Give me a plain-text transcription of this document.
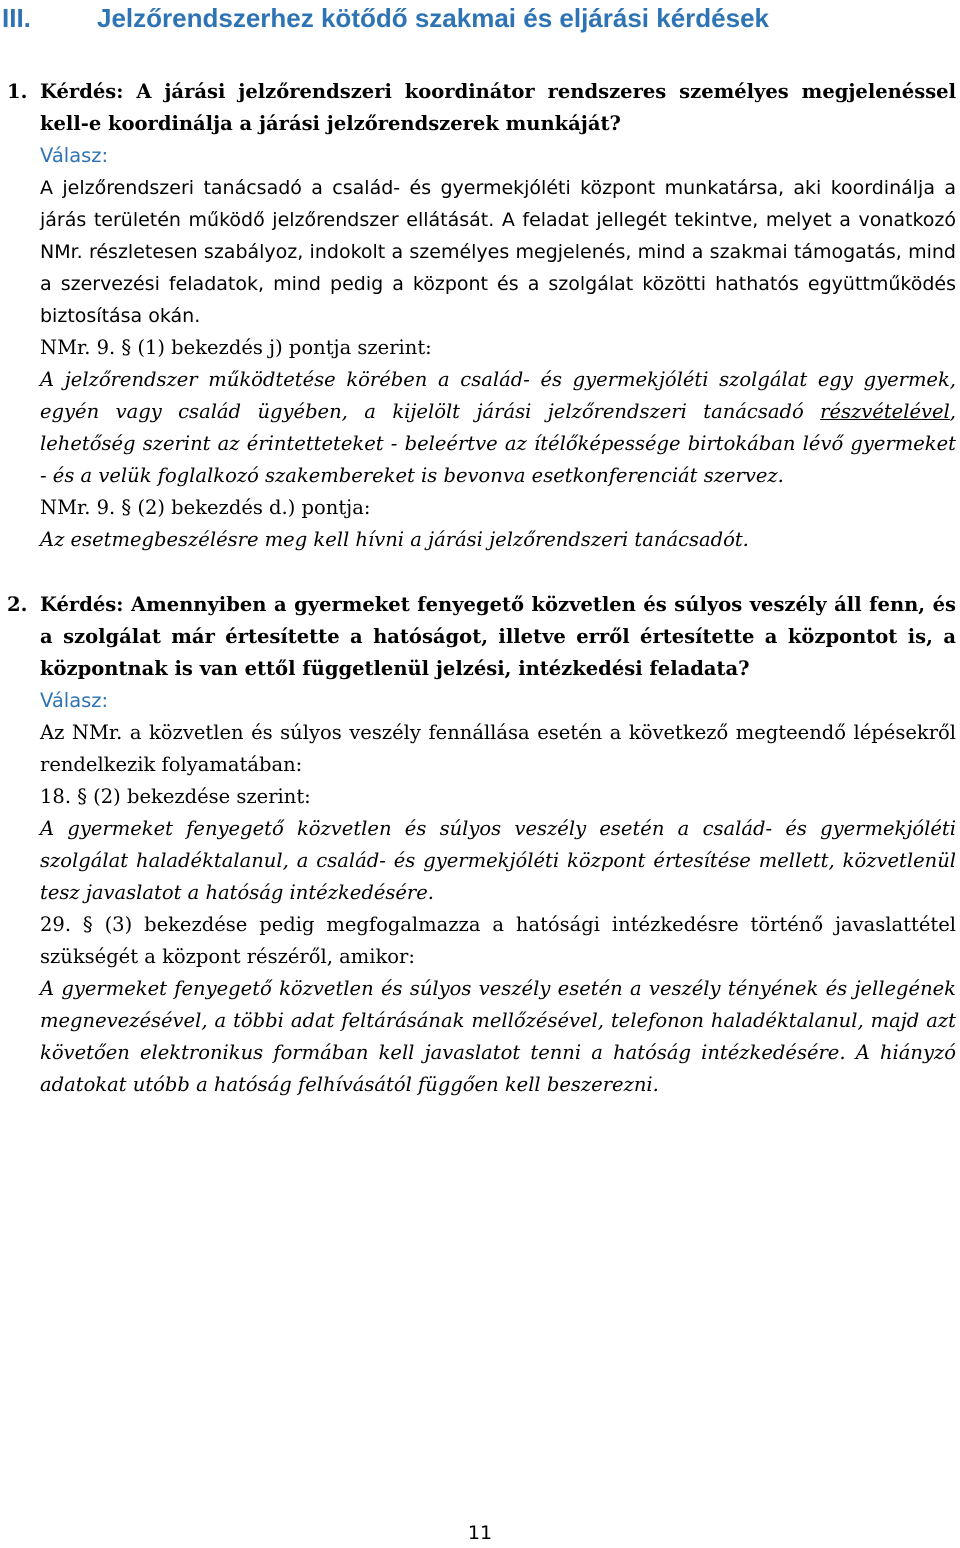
III.	Jelzőrendszerhez kötődő szakmai és eljárási kérdések
1. Kérdés: A járási jelzőrendszeri koordinátor rendszeres személyes megjelenéssel kell-e koordinálja a járási jelzőrendszerek munkáját?
Válasz:
A jelzőrendszeri tanácsadó a család- és gyermekjóléti központ munkatársa, aki koordinálja a járás területén működő jelzőrendszer ellátását. A feladat jellegét tekintve, melyet a vonatkozó NMr. részletesen szabályoz, indokolt a személyes megjelenés, mind a szakmai támogatás, mind a szervezési feladatok, mind pedig a központ és a szolgálat közötti hathatós együttműködés biztosítása okán.
NMr. 9. § (1) bekezdés j) pontja szerint:
A jelzőrendszer működtetése körében a család- és gyermekjóléti szolgálat egy gyermek, egyén vagy család ügyében, a kijelölt járási jelzőrendszeri tanácsadó részvételével, lehetőség szerint az érintetteteket - beleértve az ítélőképessége birtokában lévő gyermeket - és a velük foglalkozó szakembereket is bevonva esetkonferenciát szervez.
NMr. 9. § (2) bekezdés d.) pontja:
Az esetmegbeszélésre meg kell hívni a járási jelzőrendszeri tanácsadót.
2. Kérdés: Amennyiben a gyermeket fenyegető közvetlen és súlyos veszély áll fenn, és a szolgálat már értesítette a hatóságot, illetve erről értesítette a központot is, a központnak is van ettől függetlenül jelzési, intézkedési feladata?
Válasz:
Az NMr. a közvetlen és súlyos veszély fennállása esetén a következő megteendő lépésekről rendelkezik folyamatában:
18. § (2) bekezdése szerint:
A gyermeket fenyegető közvetlen és súlyos veszély esetén a család- és gyermekjóléti szolgálat haladéktalanul, a család- és gyermekjóléti központ értesítése mellett, közvetlenül tesz javaslatot a hatóság intézkedésére.
29. § (3) bekezdése pedig megfogalmazza a hatósági intézkedésre történő javaslattétel szükségét a központ részéről, amikor:
A gyermeket fenyegető közvetlen és súlyos veszély esetén a veszély tényének és jellegének megnevezésével, a többi adat feltárásának mellőzésével, telefonon haladéktalanul, majd azt követően elektronikus formában kell javaslatot tenni a hatóság intézkedésére. A hiányzó adatokat utóbb a hatóság felhívásától függően kell beszerezni.
11
